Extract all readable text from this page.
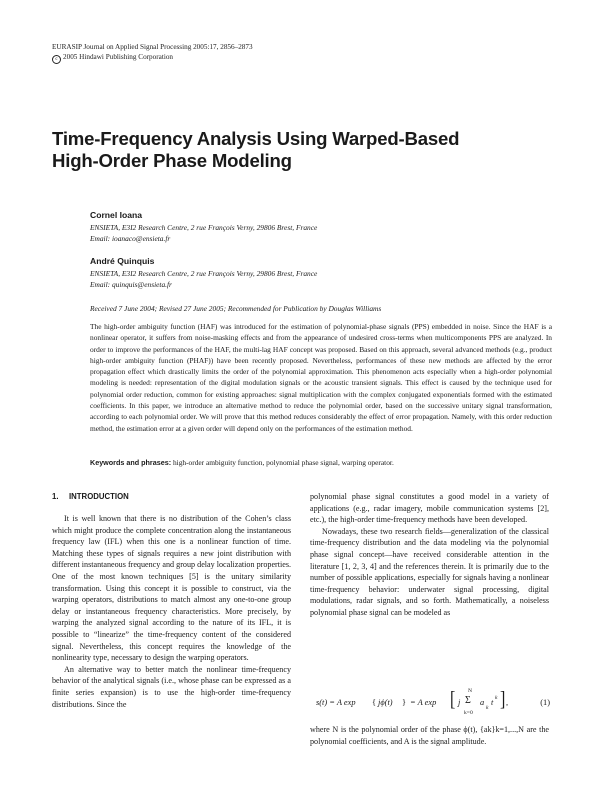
EURASIP Journal on Applied Signal Processing 2005:17, 2856–2873
c 2005 Hindawi Publishing Corporation
Time-Frequency Analysis Using Warped-Based
High-Order Phase Modeling
Cornel Ioana
ENSIETA, E3I2 Research Centre, 2 rue François Verny, 29806 Brest, France
Email: ioanaco@ensieta.fr
André Quinquis
ENSIETA, E3I2 Research Centre, 2 rue François Verny, 29806 Brest, France
Email: quinquis@ensieta.fr
Received 7 June 2004; Revised 27 June 2005; Recommended for Publication by Douglas Williams
The high-order ambiguity function (HAF) was introduced for the estimation of polynomial-phase signals (PPS) embedded in noise. Since the HAF is a nonlinear operator, it suffers from noise-masking effects and from the appearance of undesired cross-terms when multicomponents PPS are analyzed. In order to improve the performances of the HAF, the multi-lag HAF concept was proposed. Based on this approach, several advanced methods (e.g., product high-order ambiguity function (PHAF)) have been recently proposed. Nevertheless, performances of these new methods are affected by the error propagation effect which drastically limits the order of the polynomial approximation. This phenomenon acts especially when a high-order polynomial modeling is needed: representation of the digital modulation signals or the acoustic transient signals. This effect is caused by the technique used for polynomial order reduction, common for existing approaches: signal multiplication with the complex conjugated exponentials formed with the estimated coefficients. In this paper, we introduce an alternative method to reduce the polynomial order, based on the successive unitary signal transformation, according to each polynomial order. We will prove that this method reduces considerably the effect of error propagation. Namely, with this order reduction method, the estimation error at a given order will depend only on the performances of the estimation method.
Keywords and phrases: high-order ambiguity function, polynomial phase signal, warping operator.
1. INTRODUCTION

It is well known that there is no distribution of the Cohen’s class which might produce the complete concentration along the instantaneous frequency law (IFL) when this one is a nonlinear function of time. Matching these types of signals requires a new joint distribution with different instantaneous frequency and group delay localization properties. One of the most known techniques [5] is the unitary similarity transformation. Using this concept it is possible to construct, via the warping operators, distributions to match almost any one-to-one group delay or instantaneous frequency characteristics. More precisely, by warping the analyzed signal according to the nature of its IFL, it is possible to “linearize” the time-frequency content of the considered signal. Nevertheless, this concept requires the knowledge of the nonlinearity type, necessary to design the warping operators.

An alternative way to better match the nonlinear time-frequency behavior of the analytical signals (i.e., whose phase can be expressed as a finite series expansion) is to use the high-order time-frequency distributions. Since the

polynomial phase signal constitutes a good model in a variety of applications (e.g., radar imagery, mobile communication systems [2], etc.), the high-order time-frequency methods have been developed.

Nowadays, these two research fields—generalization of the classical time-frequency distribution and the data modeling via the polynomial phase signal concept—have received considerable attention in the literature [1, 2, 3, 4] and the references therein. It is primarily due to the number of possible applications, especially for signals having a nonlinear time-frequency behavior: underwater signal processing, digital modulations, radar signals, and so forth. Mathematically, a noiseless polynomial phase signal can be modeled as

s(t) = A exp { jϕ(t) } = A exp [ j
N
Σ
k=0
a
k
t k ] ,	(1)

where N is the polynomial order of the phase ϕ(t), {ak}k=1,...,N are the polynomial coefficients, and A is the signal amplitude.
